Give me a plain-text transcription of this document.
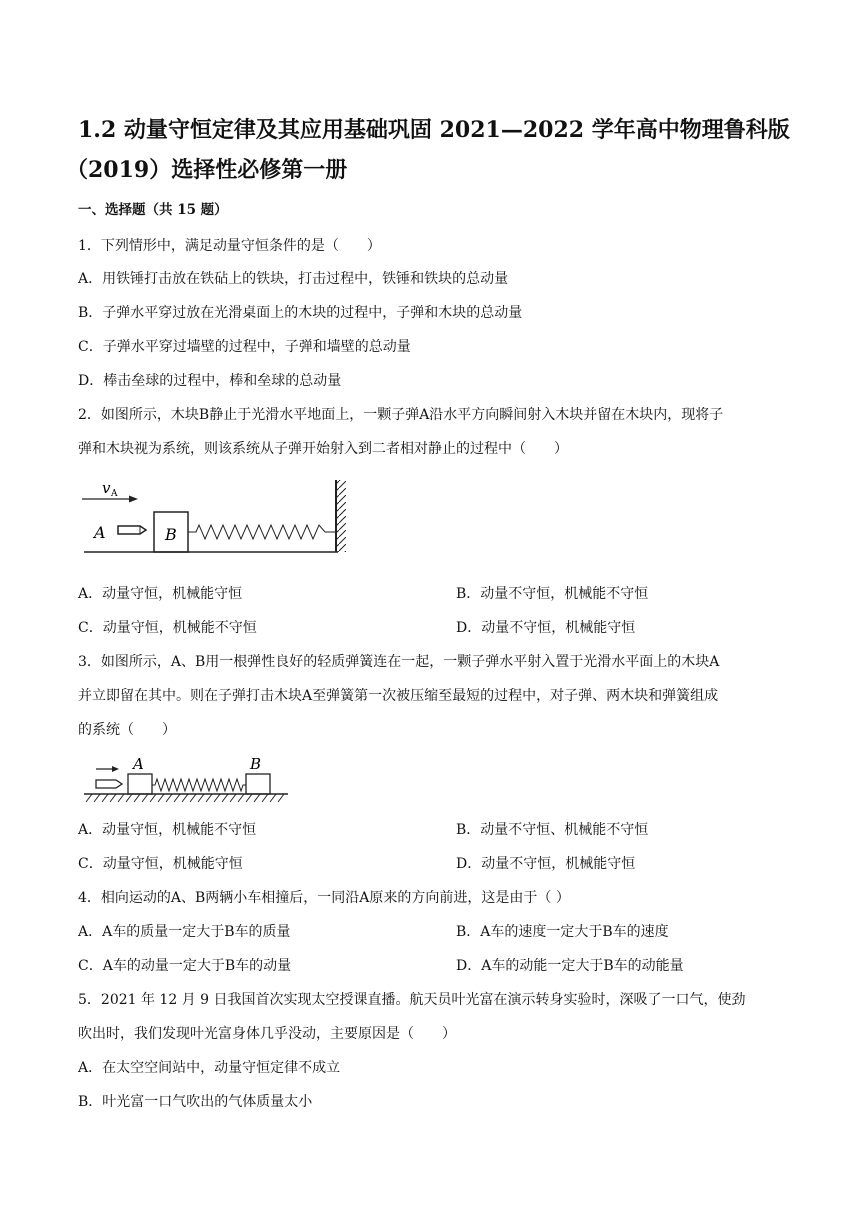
1.2 动量守恒定律及其应用基础巩固 2021—2022 学年高中物理鲁科版
（2019）选择性必修第一册
一、选择题（共 15 题）
1．下列情形中，满足动量守恒条件的是（　　）
A．用铁锤打击放在铁砧上的铁块，打击过程中，铁锤和铁块的总动量
B．子弹水平穿过放在光滑桌面上的木块的过程中，子弹和木块的总动量
C．子弹水平穿过墙壁的过程中，子弹和墙壁的总动量
D．棒击垒球的过程中，棒和垒球的总动量
2．如图所示，木块B静止于光滑水平地面上，一颗子弹A沿水平方向瞬间射入木块并留在木块内，现将子
弹和木块视为系统，则该系统从子弹开始射入到二者相对静止的过程中（　　）
v A
A	B
A．动量守恒，机械能守恒	B．动量不守恒，机械能不守恒
C．动量守恒，机械能不守恒	D．动量不守恒，机械能守恒
3．如图所示，A、B用一根弹性良好的轻质弹簧连在一起，一颗子弹水平射入置于光滑水平面上的木块A
并立即留在其中。则在子弹打击木块A至弹簧第一次被压缩至最短的过程中，对子弹、两木块和弹簧组成
的系统（　　）
A	B
A．动量守恒，机械能不守恒	B．动量不守恒、机械能不守恒
C．动量守恒，机械能守恒	D．动量不守恒，机械能守恒
4．相向运动的A、B两辆小车相撞后，一同沿A原来的方向前进，这是由于（ ）
A．A车的质量一定大于B车的质量	B．A车的速度一定大于B车的速度
C．A车的动量一定大于B车的动量	D．A车的动能一定大于B车的动能量
5．2021 年 12 月 9 日我国首次实现太空授课直播。航天员叶光富在演示转身实验时，深吸了一口气，使劲
吹出时，我们发现叶光富身体几乎没动，主要原因是（　　）
A．在太空空间站中，动量守恒定律不成立
B．叶光富一口气吹出的气体质量太小
